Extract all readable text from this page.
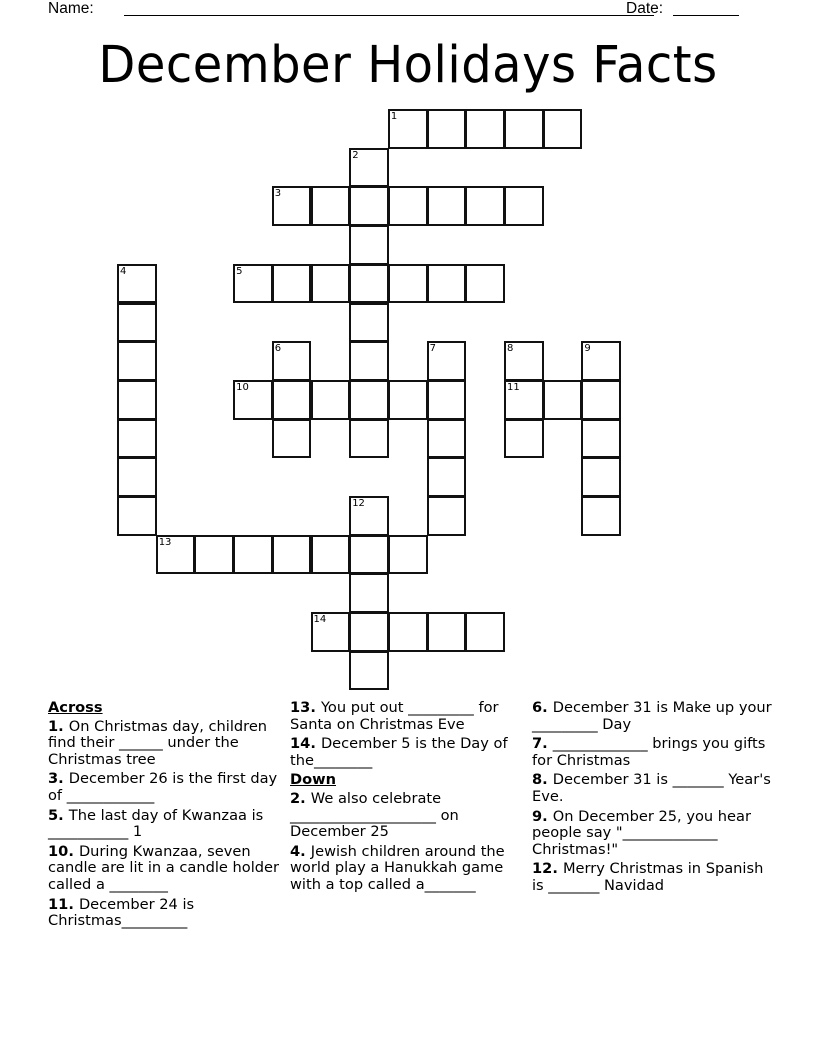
Name:	Date:
December Holidays Facts
1
2
3
4	5
6	7	8
11
9
10
12
13
14
Across
1. On Christmas day, children find their ______ under the Christmas tree
3. December 26 is the first day of ____________
5. The last day of Kwanzaa is ___________ 1
10. During Kwanzaa, seven candle are lit in a candle holder called a ________
11. December 24 is Christmas_________
13. You put out _________ for Santa on Christmas Eve
14. December 5 is the Day of the________
Down
2. We also celebrate ____________________ on December 25
4. Jewish children around the world play a Hanukkah game with a top called a_______
6. December 31 is Make up your _________ Day
7. _____________ brings you gifts for Christmas
8. December 31 is _______ Year's Eve.
9. On December 25, you hear people say "_____________ Christmas!"
12. Merry Christmas in Spanish is _______ Navidad
